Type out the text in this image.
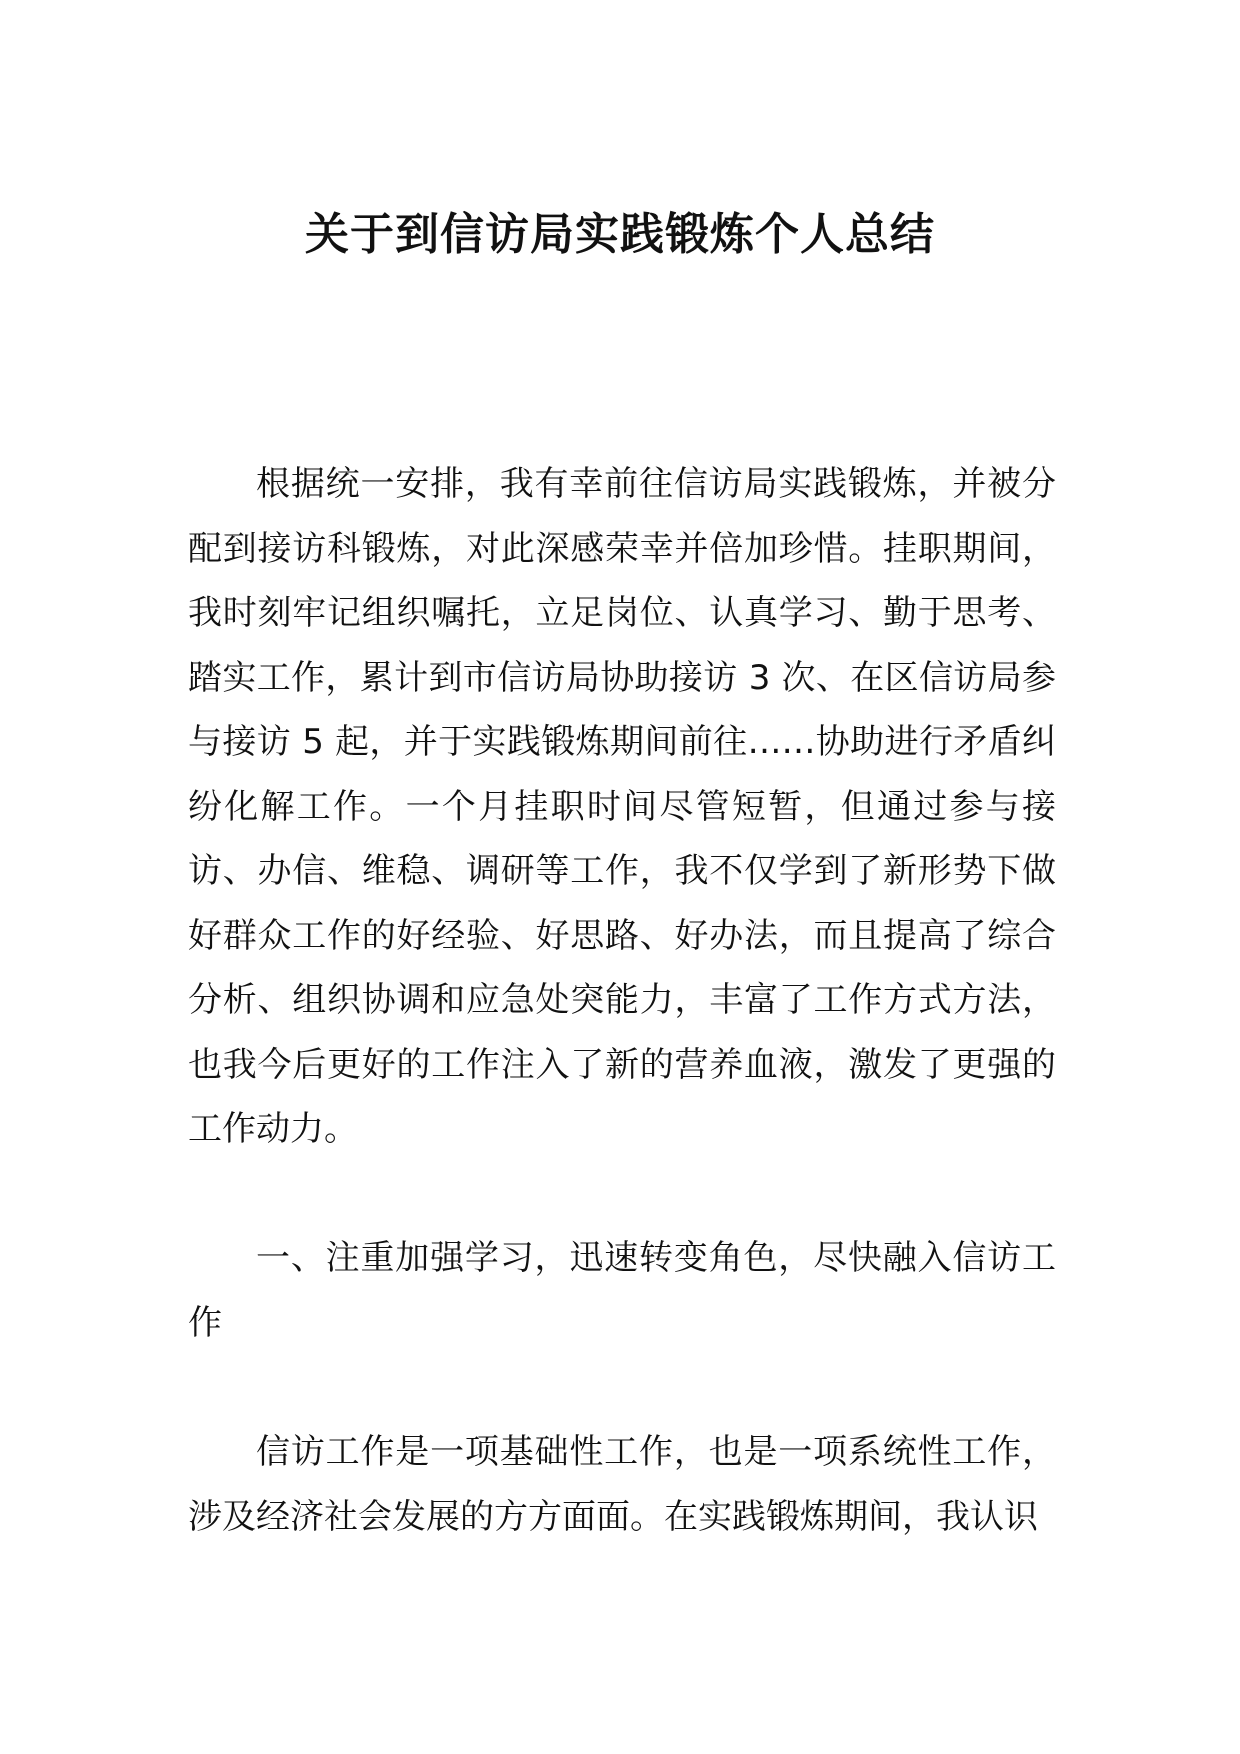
关于到信访局实践锻炼个人总结

根据统一安排，我有幸前往信访局实践锻炼，并被分配到接访科锻炼，对此深感荣幸并倍加珍惜。挂职期间，我时刻牢记组织嘱托，立足岗位、认真学习、勤于思考、踏实工作，累计到市信访局协助接访 3 次、在区信访局参与接访 5 起，并于实践锻炼期间前往……协助进行矛盾纠纷化解工作。一个月挂职时间尽管短暂，但通过参与接访、办信、维稳、调研等工作，我不仅学到了新形势下做好群众工作的好经验、好思路、好办法，而且提高了综合分析、组织协调和应急处突能力，丰富了工作方式方法，也我今后更好的工作注入了新的营养血液，激发了更强的工作动力。

一、注重加强学习，迅速转变角色，尽快融入信访工作

信访工作是一项基础性工作，也是一项系统性工作，涉及经济社会发展的方方面面。在实践锻炼期间，我认识
